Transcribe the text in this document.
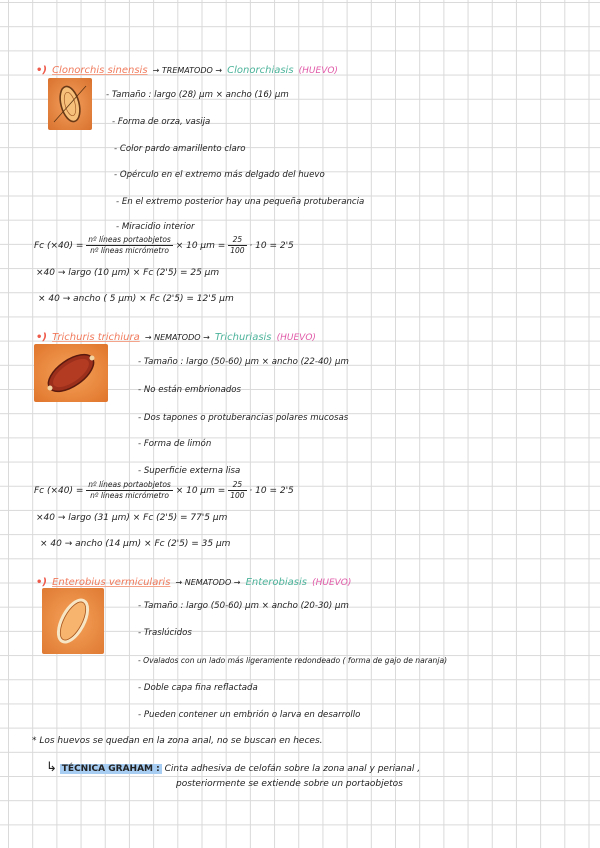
•) Clonorchis sinensis → TREMATODO → Clonorchiasis (HUEVO)
- Tamaño : largo (28) μm × ancho (16) μm
- Forma de orza, vasija
- Color pardo amarillento claro
- Opérculo en el extremo más delgado del huevo
- En el extremo posterior hay una pequeña protuberancia
- Miracidio interior
Fc $(\times 40) = \frac{\text{nº líneas portaobjetos}}{\text{nº líneas micrómetro}} \times 10$ $\mu m = \frac{25}{100} \cdot 10 = 2'5$
×40 → largo (10 μm) × Fc (2'5) = 25 μm
× 40 → ancho ( 5 μm) × Fc (2'5) = 12'5 μm
•) Trichuris trichiura → NEMATODO → Trichuriasis (HUEVO)
- Tamaño : largo (50-60) μm × ancho (22-40) μm
- No están embrionados
- Dos tapones o protuberancias polares mucosas
- Forma de limón
- Superficie externa lisa
Fc $(\times 40) = \frac{\text{nº líneas portaobjetos}}{\text{nº líneas micrómetro}} \times 10$ $\mu m = \frac{25}{100} \cdot 10 = 2'5$
×40 → largo (31 μm) × Fc (2'5) = 77'5 μm
× 40 → ancho (14 μm) × Fc (2'5) = 35 μm
•) Enterobius vermicularis → NEMATODO → Enterobiasis (HUEVO)
- Tamaño : largo (50-60) μm × ancho (20-30) μm
- Traslúcidos
- Ovalados con un lado más ligeramente redondeado ( forma de gajo de naranja)
- Doble capa fina reflactada
- Pueden contener un embrión o larva en desarrollo
* Los huevos se quedan en la zona anal, no se buscan en heces.
↳ TÉCNICA GRAHAM : Cinta adhesiva de celofán sobre la zona anal y perianal ,
posteriormente se extiende sobre un portaobjetos
